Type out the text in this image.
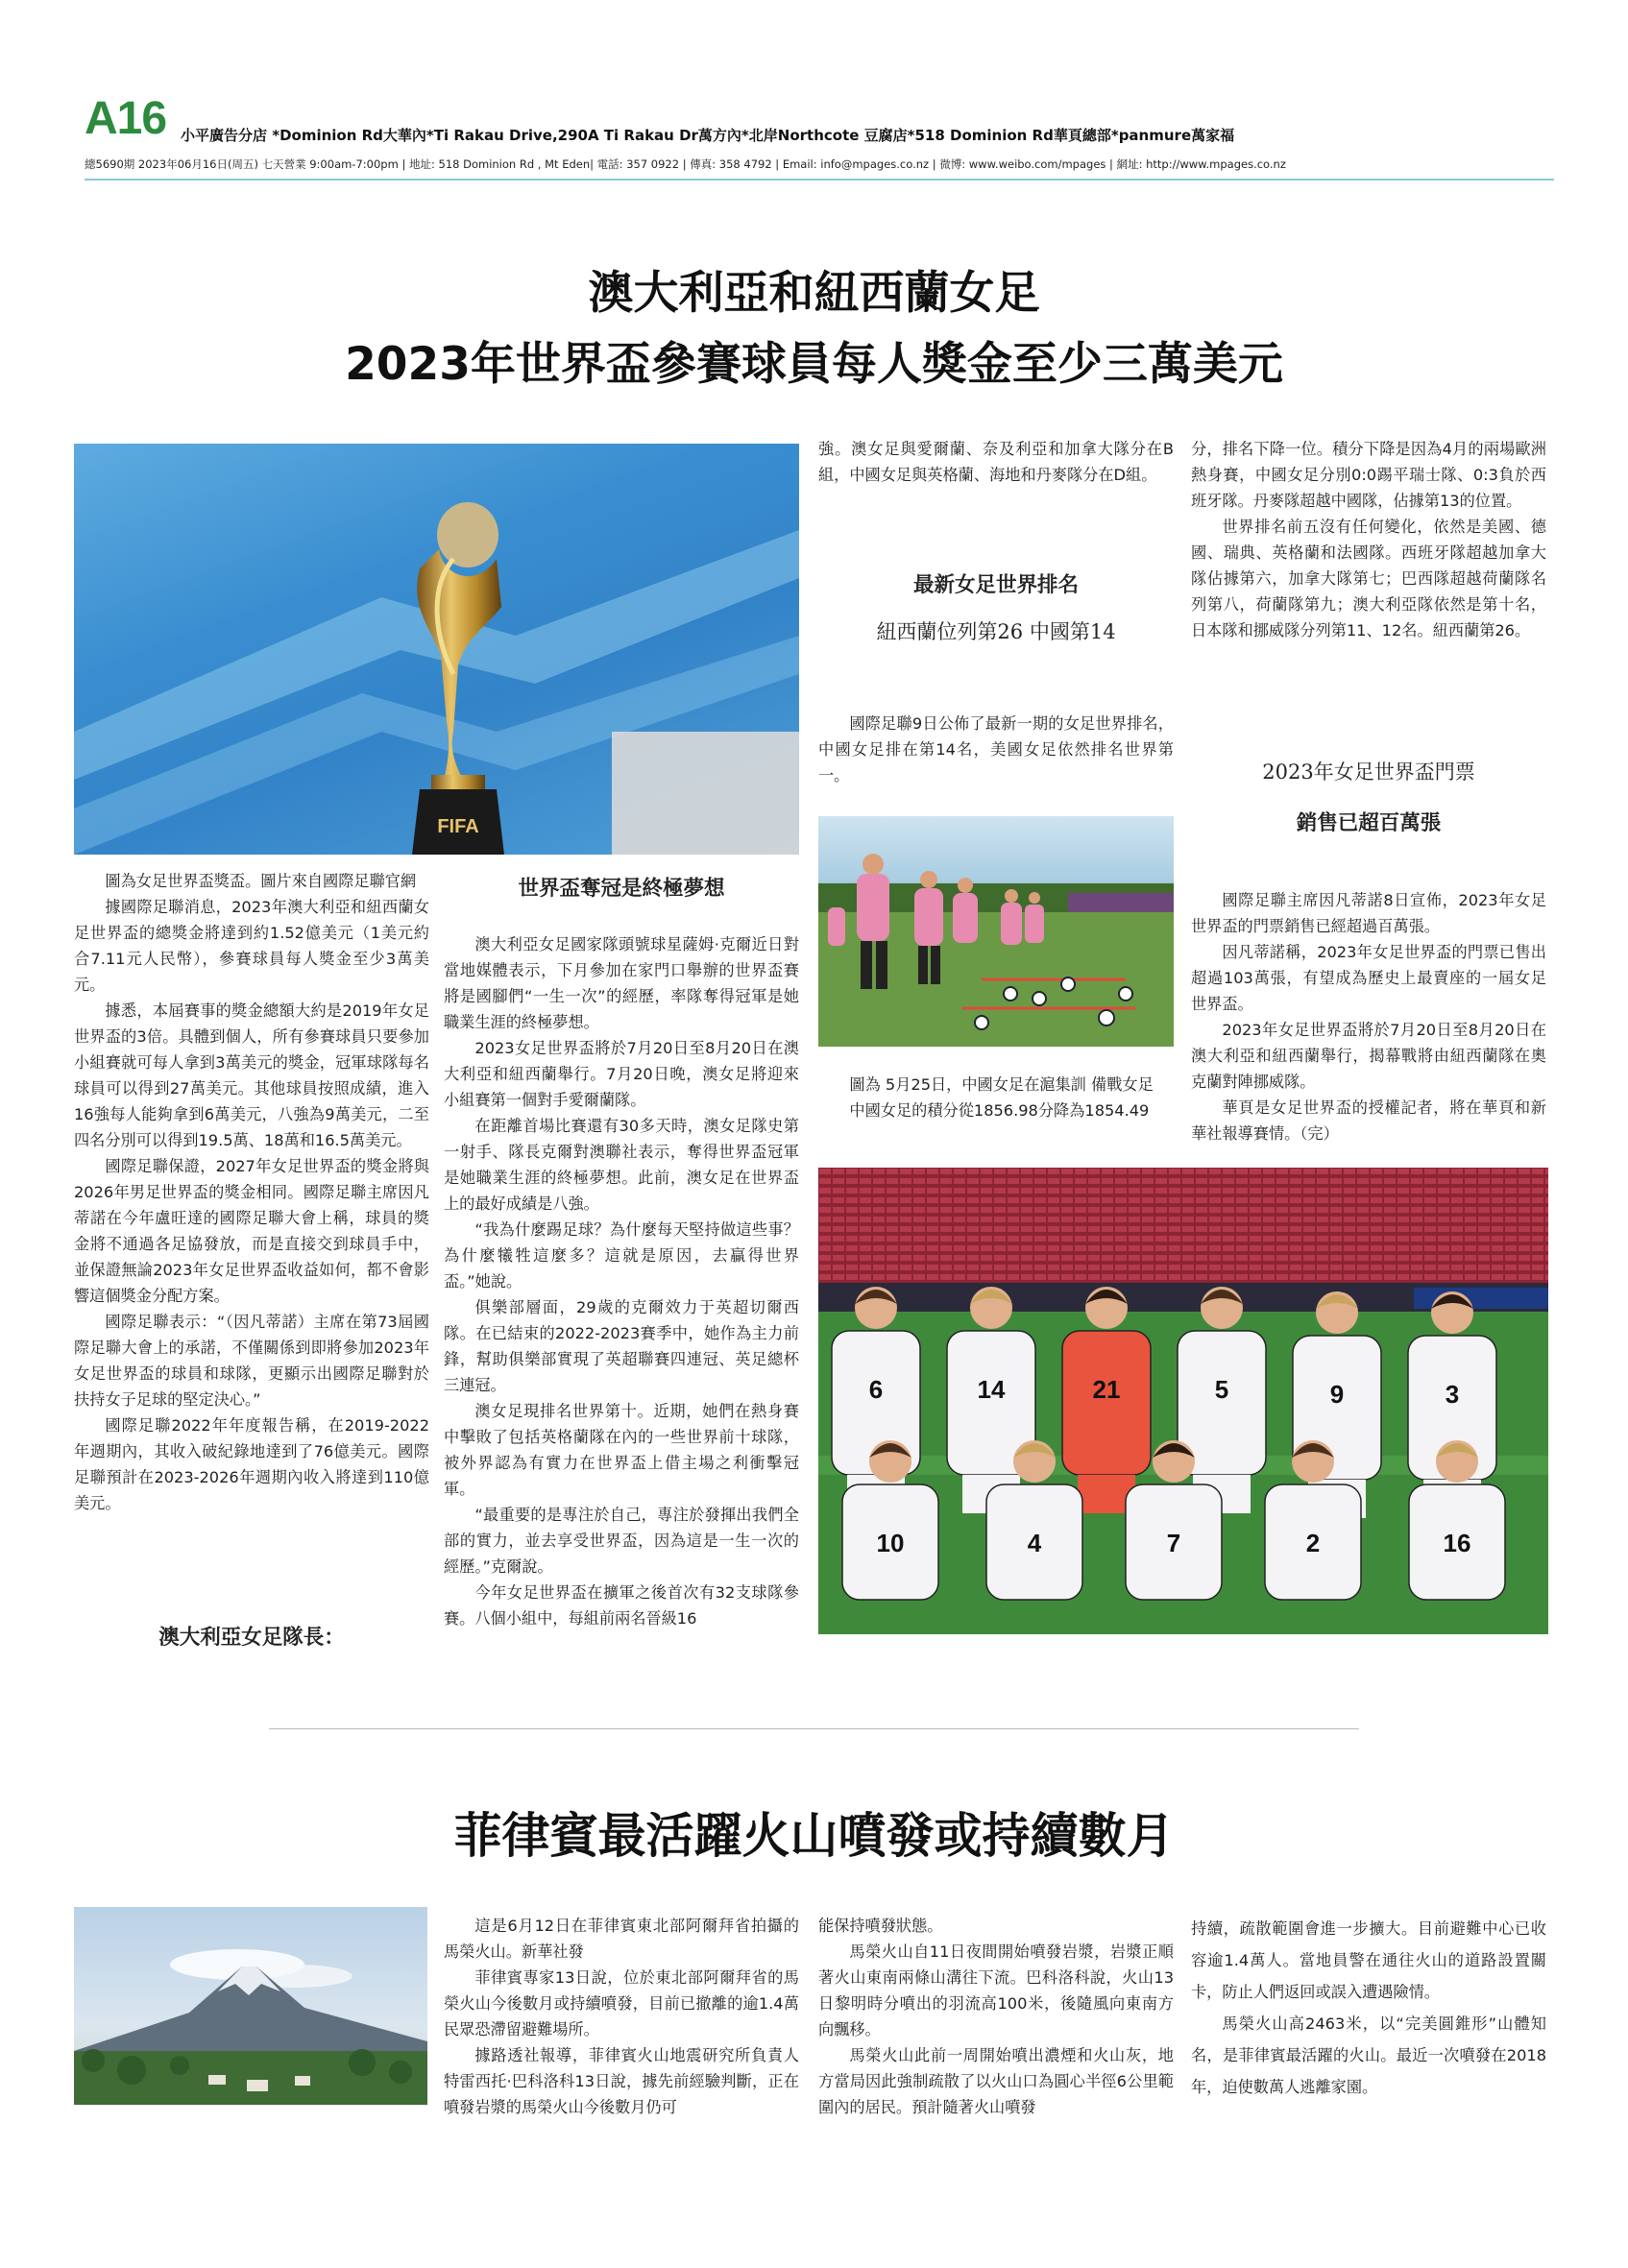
A16 小平廣告分店 *Dominion Rd大華內*Ti Rakau Drive,290A Ti Rakau Dr萬方內*北岸Northcote 豆腐店*518 Dominion Rd華頁總部*panmure萬家福
總5690期 2023年06月16日(周五) 七天營業 9:00am-7:00pm | 地址: 518 Dominion Rd , Mt Eden| 電話: 357 0922 | 傳真: 358 4792 | Email: info@mpages.co.nz | 微博: www.weibo.com/mpages | 網址: http://www.mpages.co.nz
澳大利亞和紐西蘭女足
2023年世界盃參賽球員每人獎金至少三萬美元
FIFA

圖為女足世界盃獎盃。圖片來自國際足聯官網

據國際足聯消息，2023年澳大利亞和紐西蘭女足世界盃的總獎金將達到約1.52億美元（1美元約合7.11元人民幣），參賽球員每人獎金至少3萬美元。

據悉，本屆賽事的獎金總額大約是2019年女足世界盃的3倍。具體到個人，所有參賽球員只要參加小組賽就可每人拿到3萬美元的獎金，冠軍球隊每名球員可以得到27萬美元。其他球員按照成績，進入16強每人能夠拿到6萬美元，八強為9萬美元，二至四名分別可以得到19.5萬、18萬和16.5萬美元。

國際足聯保證，2027年女足世界盃的獎金將與2026年男足世界盃的獎金相同。國際足聯主席因凡蒂諾在今年盧旺達的國際足聯大會上稱，球員的獎金將不通過各足協發放，而是直接交到球員手中，並保證無論2023年女足世界盃收益如何，都不會影響這個獎金分配方案。

國際足聯表示：“（因凡蒂諾）主席在第73屆國際足聯大會上的承諾，不僅關係到即將參加2023年女足世界盃的球員和球隊，更顯示出國際足聯對於扶持女子足球的堅定決心。”

國際足聯2022年年度報告稱，在2019-2022年週期內，其收入破紀錄地達到了76億美元。國際足聯預計在2023-2026年週期內收入將達到110億美元。

澳大利亞女足隊長：
世界盃奪冠是終極夢想

澳大利亞女足國家隊頭號球星薩姆·克爾近日對當地媒體表示，下月參加在家門口舉辦的世界盃賽將是國腳們“一生一次”的經歷，率隊奪得冠軍是她職業生涯的終極夢想。

2023女足世界盃將於7月20日至8月20日在澳大利亞和紐西蘭舉行。7月20日晚，澳女足將迎來小組賽第一個對手愛爾蘭隊。

在距離首場比賽還有30多天時，澳女足隊史第一射手、隊長克爾對澳聯社表示，奪得世界盃冠軍是她職業生涯的終極夢想。此前，澳女足在世界盃上的最好成績是八強。

“我為什麼踢足球？為什麼每天堅持做這些事？為什麼犧牲這麼多？這就是原因，去贏得世界盃。”她說。

俱樂部層面，29歲的克爾效力于英超切爾西隊。在已結束的2022-2023賽季中，她作為主力前鋒，幫助俱樂部實現了英超聯賽四連冠、英足總杯三連冠。

澳女足現排名世界第十。近期，她們在熱身賽中擊敗了包括英格蘭隊在內的一些世界前十球隊，被外界認為有實力在世界盃上借主場之利衝擊冠軍。

“最重要的是專注於自己，專注於發揮出我們全部的實力，並去享受世界盃，因為這是一生一次的經歷。”克爾說。

今年女足世界盃在擴軍之後首次有32支球隊參賽。八個小組中，每組前兩名晉級16

強。澳女足與愛爾蘭、奈及利亞和加拿大隊分在B組，中國女足與英格蘭、海地和丹麥隊分在D組。

最新女足世界排名
紐西蘭位列第26 中國第14

國際足聯9日公佈了最新一期的女足世界排名，中國女足排在第14名，美國女足依然排名世界第一。

圖為 5月25日，中國女足在滬集訓 備戰女足

中國女足的積分從1856.98分降為1854.49

分，排名下降一位。積分下降是因為4月的兩場歐洲熱身賽，中國女足分別0:0踢平瑞士隊、0:3負於西班牙隊。丹麥隊超越中國隊，佔據第13的位置。

世界排名前五沒有任何變化，依然是美國、德國、瑞典、英格蘭和法國隊。西班牙隊超越加拿大隊佔據第六，加拿大隊第七；巴西隊超越荷蘭隊名列第八，荷蘭隊第九；澳大利亞隊依然是第十名，日本隊和挪威隊分列第11、12名。紐西蘭第26。

2023年女足世界盃門票
銷售已超百萬張

國際足聯主席因凡蒂諾8日宣佈，2023年女足世界盃的門票銷售已經超過百萬張。

因凡蒂諾稱，2023年女足世界盃的門票已售出超過103萬張，有望成為歷史上最賣座的一屆女足世界盃。

2023年女足世界盃將於7月20日至8月20日在澳大利亞和紐西蘭舉行，揭幕戰將由紐西蘭隊在奧克蘭對陣挪威隊。

華頁是女足世界盃的授權記者，將在華頁和新華社報導賽情。（完）

6	14	21	5	9	3
10	4	7	2	16
菲律賓最活躍火山噴發或持續數月

這是6月12日在菲律賓東北部阿爾拜省拍攝的馬榮火山。新華社發

菲律賓專家13日說，位於東北部阿爾拜省的馬榮火山今後數月或持續噴發，目前已撤離的逾1.4萬民眾恐滯留避難場所。

據路透社報導，菲律賓火山地震研究所負責人特雷西托·巴科洛科13日說，據先前經驗判斷，正在噴發岩漿的馬榮火山今後數月仍可

能保持噴發狀態。

馬榮火山自11日夜間開始噴發岩漿，岩漿正順著火山東南兩條山溝往下流。巴科洛科說，火山13日黎明時分噴出的羽流高100米，後隨風向東南方向飄移。

馬榮火山此前一周開始噴出濃煙和火山灰，地方當局因此強制疏散了以火山口為圓心半徑6公里範圍內的居民。預計隨著火山噴發

持續，疏散範圍會進一步擴大。目前避難中心已收容逾1.4萬人。當地員警在通往火山的道路設置關卡，防止人們返回或誤入遭遇險情。

馬榮火山高2463米，以“完美圓錐形”山體知名，是菲律賓最活躍的火山。最近一次噴發在2018年，迫使數萬人逃離家園。
